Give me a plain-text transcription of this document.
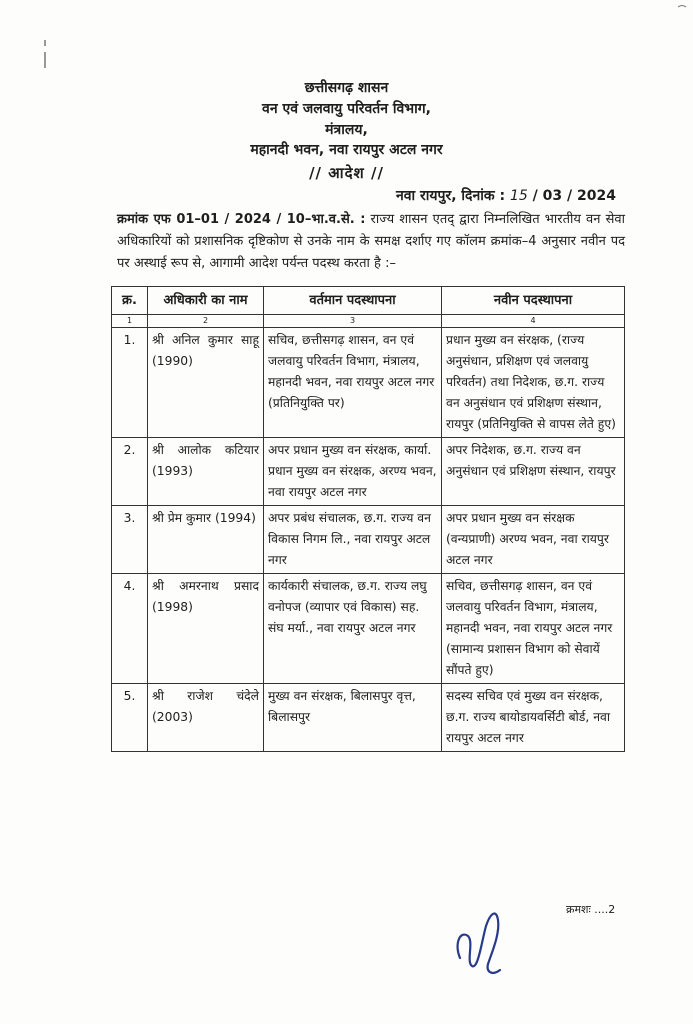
छत्तीसगढ़ शासन
वन एवं जलवायु परिवर्तन विभाग,
मंत्रालय,
महानदी भवन, नवा रायपुर अटल नगर
// आदेश //
नवा रायपुर, दिनांक : 15 / 03 / 2024
क्रमांक एफ 01–01 / 2024 / 10–भा.व.से. : राज्य शासन एतद् द्वारा निम्नलिखित भारतीय वन सेवा अधिकारियों को प्रशासनिक दृष्टिकोण से उनके नाम के समक्ष दर्शाए गए कॉलम क्रमांक–4 अनुसार नवीन पद पर अस्थाई रूप से, आगामी आदेश पर्यन्त पदस्थ करता है :–
क्र.	अधिकारी का नाम	वर्तमान पदस्थापना	नवीन पदस्थापना
1	2	3	4
1.	श्री अनिल कुमार साहू (1990)	सचिव, छत्तीसगढ़ शासन, वन एवं जलवायु परिवर्तन विभाग, मंत्रालय, महानदी भवन, नवा रायपुर अटल नगर (प्रतिनियुक्ति पर)	प्रधान मुख्य वन संरक्षक, (राज्य अनुसंधान, प्रशिक्षण एवं जलवायु परिवर्तन) तथा निदेशक, छ.ग. राज्य वन अनुसंधान एवं प्रशिक्षण संस्थान, रायपुर (प्रतिनियुक्ति से वापस लेते हुए)
2.	श्री आलोक कटियार (1993)	अपर प्रधान मुख्य वन संरक्षक, कार्या. प्रधान मुख्य वन संरक्षक, अरण्य भवन, नवा रायपुर अटल नगर	अपर निदेशक, छ.ग. राज्य वन अनुसंधान एवं प्रशिक्षण संस्थान, रायपुर
3.	श्री प्रेम कुमार (1994)	अपर प्रबंध संचालक, छ.ग. राज्य वन विकास निगम लि., नवा रायपुर अटल नगर	अपर प्रधान मुख्य वन संरक्षक (वन्यप्राणी) अरण्य भवन, नवा रायपुर अटल नगर
4.	श्री अमरनाथ प्रसाद (1998)	कार्यकारी संचालक, छ.ग. राज्य लघु वनोपज (व्यापार एवं विकास) सह. संघ मर्या., नवा रायपुर अटल नगर	सचिव, छत्तीसगढ़ शासन, वन एवं जलवायु परिवर्तन विभाग, मंत्रालय, महानदी भवन, नवा रायपुर अटल नगर (सामान्य प्रशासन विभाग को सेवायें सौंपते हुए)
5.	श्री राजेश चंदेले (2003)	मुख्य वन संरक्षक, बिलासपुर वृत्त, बिलासपुर	सदस्य सचिव एवं मुख्य वन संरक्षक, छ.ग. राज्य बायोडायवर्सिटी बोर्ड, नवा रायपुर अटल नगर
क्रमशः ....2
